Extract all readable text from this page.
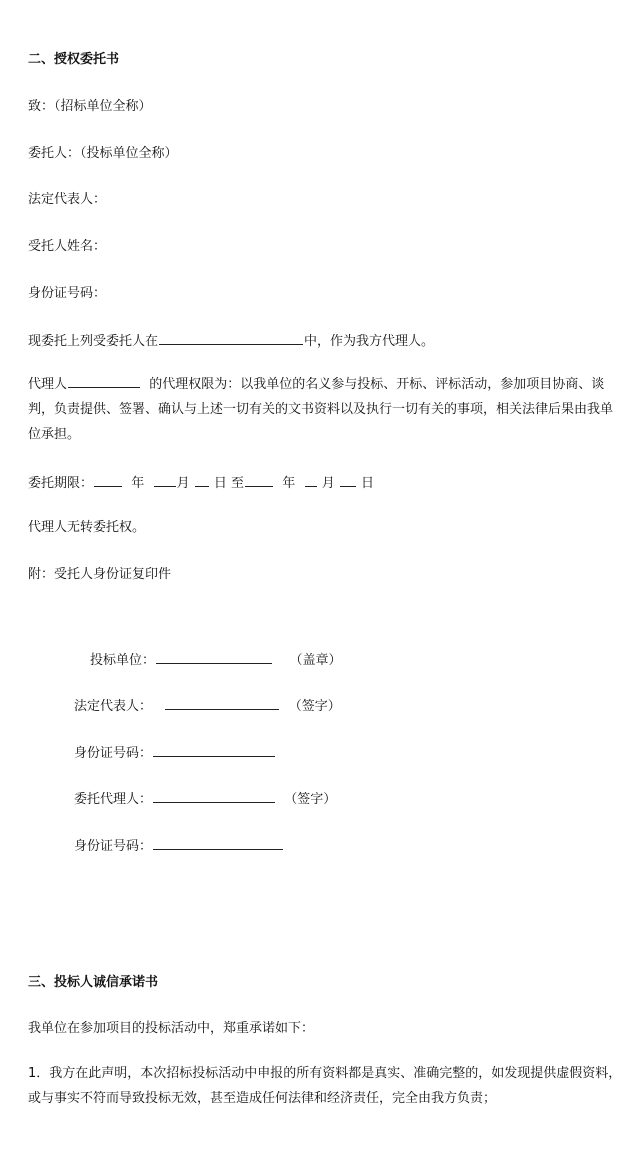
二、授权委托书
致：（招标单位全称）
委托人：（投标单位全称）
法定代表人：
受托人姓名：
身份证号码：
现委托上列受委托人在	中，作为我方代理人。
代理人	的代理权限为：以我单位的名义参与投标、开标、评标活动，参加项目协商、谈判，负责提供、签署、确认与上述一切有关的文书资料以及执行一切有关的事项，相关法律后果由我单位承担。
委托期限：	年 月 日 至	年 月 日
代理人无转委托权。
附：受托人身份证复印件
投标单位：	（盖章）
法定代表人：	（签字）
身份证号码：
委托代理人：	（签字）
身份证号码：
三、投标人诚信承诺书
我单位在参加项目的投标活动中，郑重承诺如下：
1．我方在此声明，本次招标投标活动中申报的所有资料都是真实、准确完整的，如发现提供虚假资料，或与事实不符而导致投标无效，甚至造成任何法律和经济责任，完全由我方负责；
